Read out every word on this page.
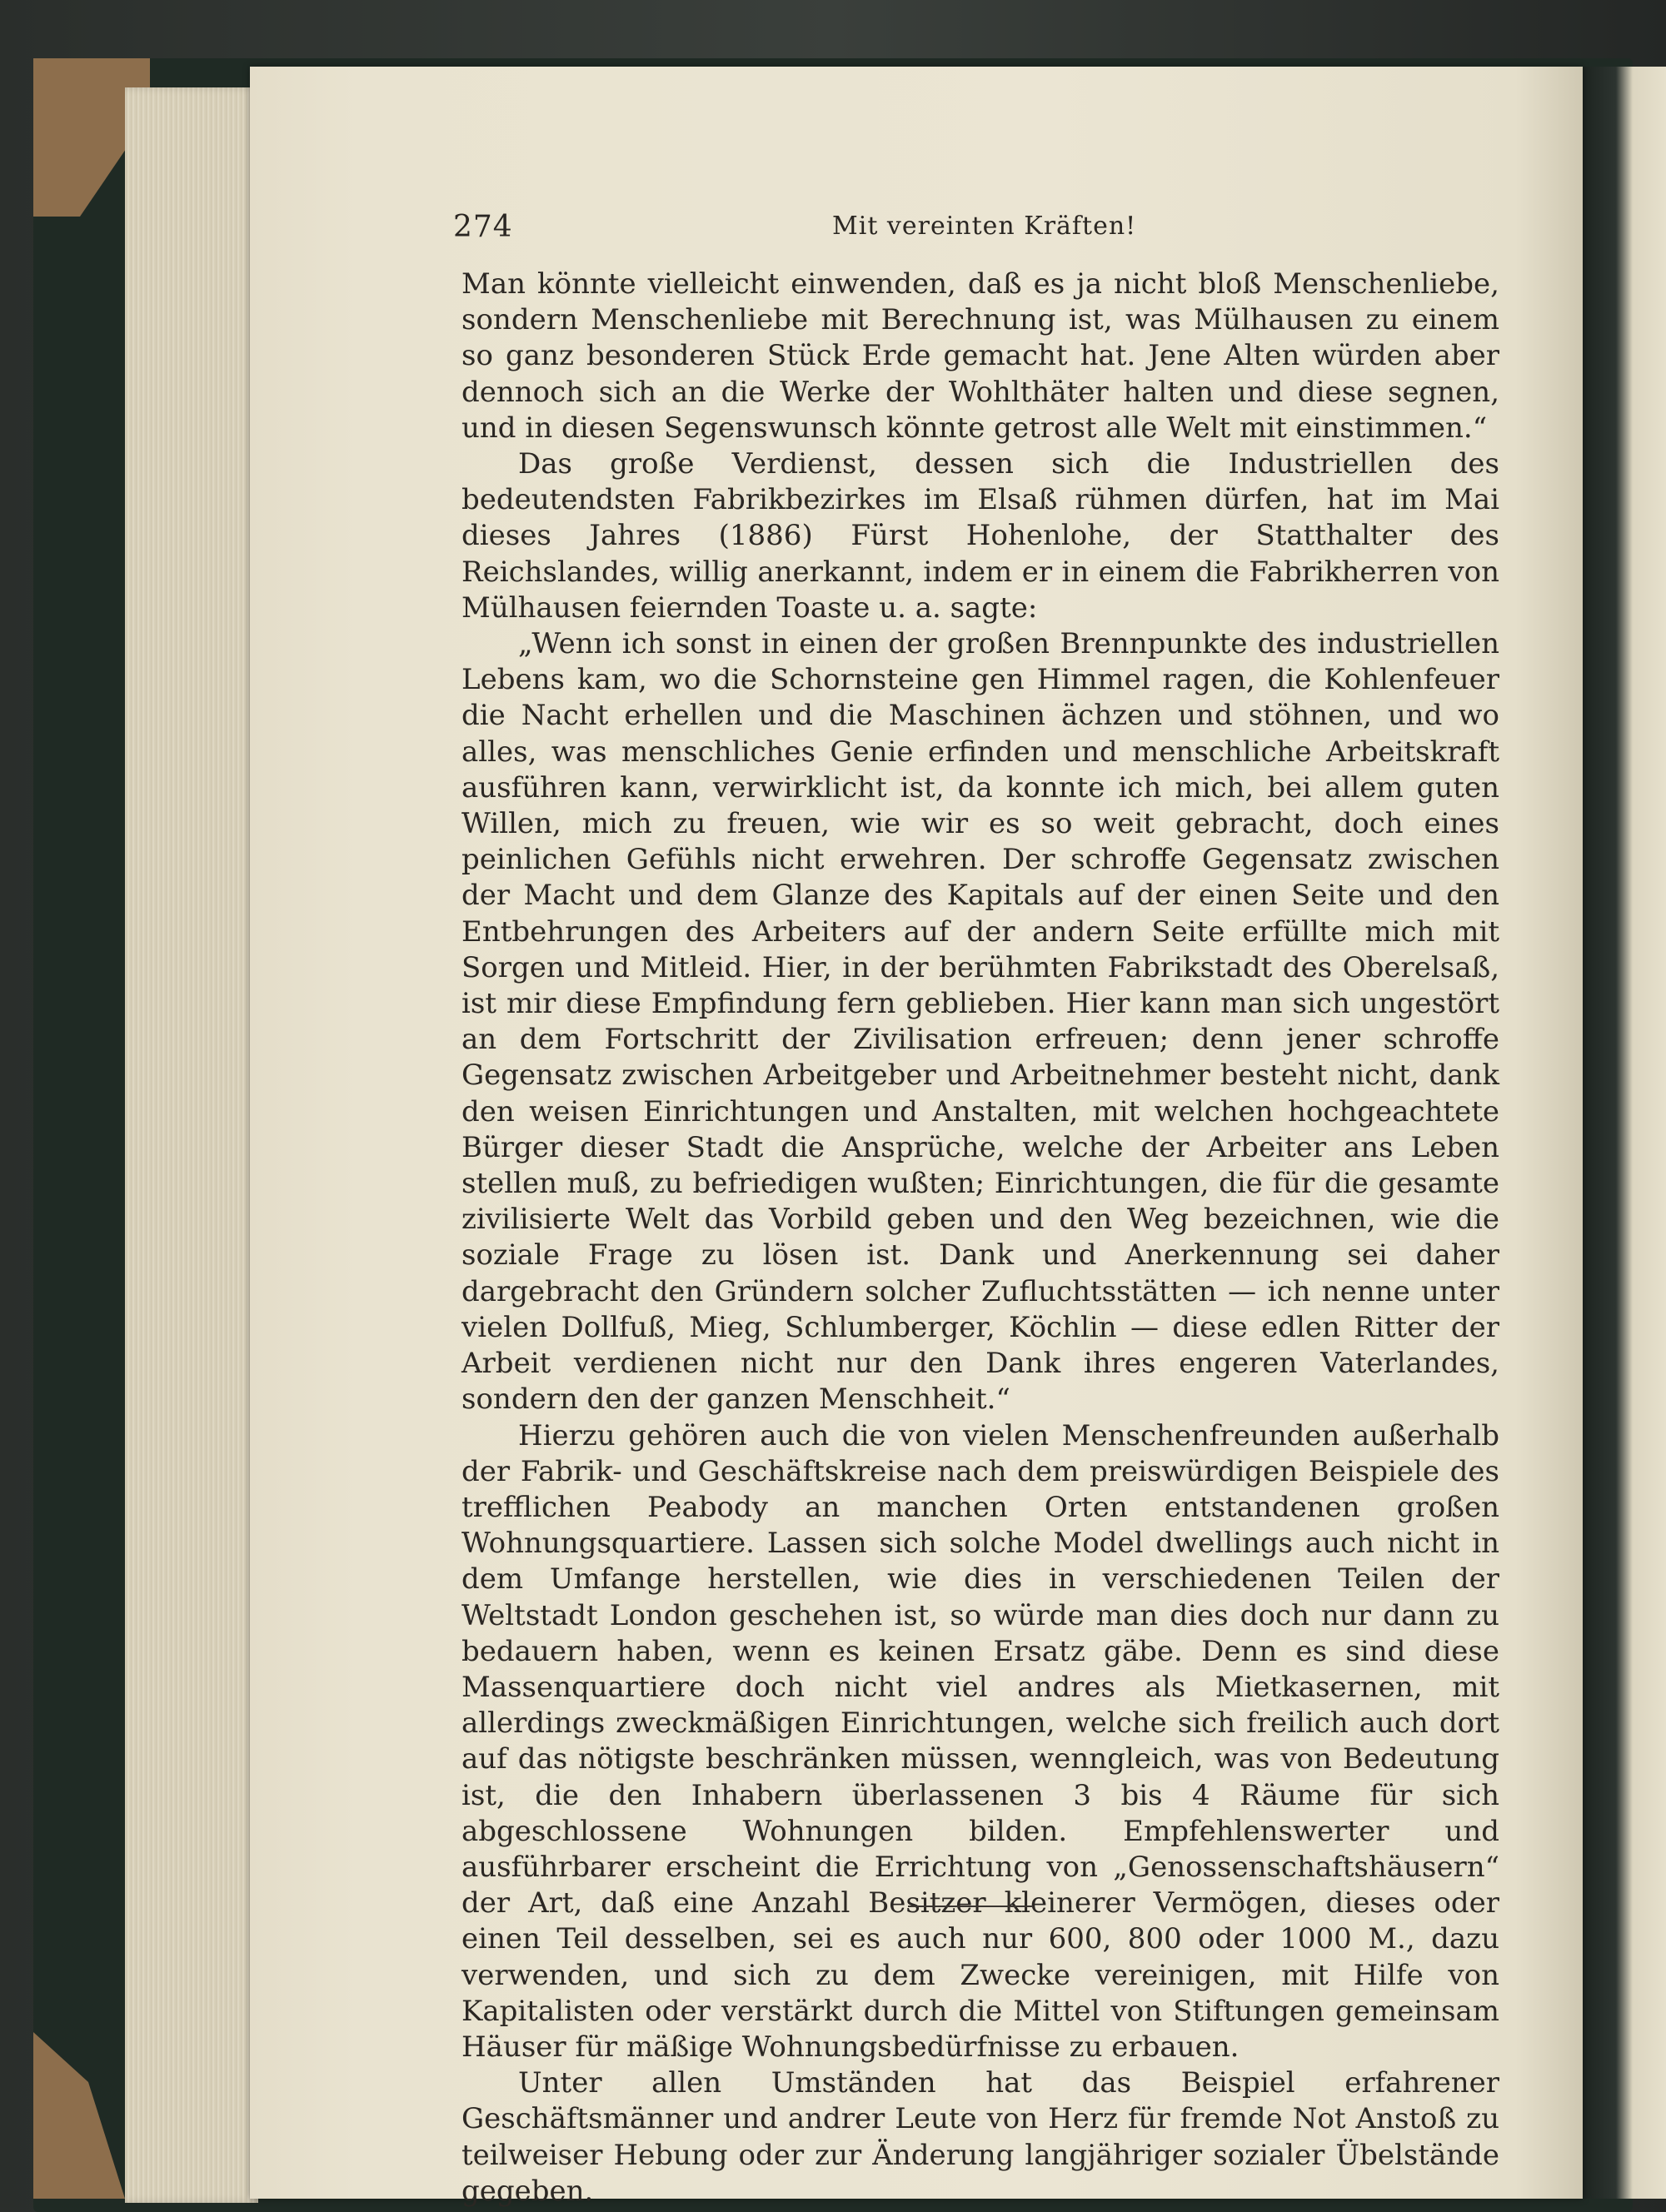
274	Mit vereinten Kräften!

Man könnte vielleicht einwenden, daß es ja nicht bloß Menschenliebe, sondern Menschenliebe mit Berechnung ist, was Mülhausen zu einem so ganz besonderen Stück Erde gemacht hat. Jene Alten würden aber dennoch sich an die Werke der Wohlthäter halten und diese segnen, und in diesen Segenswunsch könnte getrost alle Welt mit einstimmen.“

Das große Verdienst, dessen sich die Industriellen des bedeutendsten Fabrikbezirkes im Elsaß rühmen dürfen, hat im Mai dieses Jahres (1886) Fürst Hohenlohe, der Statthalter des Reichslandes, willig anerkannt, indem er in einem die Fabrikherren von Mülhausen feiernden Toaste u. a. sagte:

„Wenn ich sonst in einen der großen Brennpunkte des industriellen Lebens kam, wo die Schornsteine gen Himmel ragen, die Kohlenfeuer die Nacht erhellen und die Maschinen ächzen und stöhnen, und wo alles, was menschliches Genie erfinden und menschliche Arbeitskraft ausführen kann, verwirklicht ist, da konnte ich mich, bei allem guten Willen, mich zu freuen, wie wir es so weit gebracht, doch eines peinlichen Gefühls nicht erwehren. Der schroffe Gegensatz zwischen der Macht und dem Glanze des Kapitals auf der einen Seite und den Entbehrungen des Arbeiters auf der andern Seite erfüllte mich mit Sorgen und Mitleid. Hier, in der berühmten Fabrikstadt des Oberelsaß, ist mir diese Empfindung fern geblieben. Hier kann man sich ungestört an dem Fortschritt der Zivilisation erfreuen; denn jener schroffe Gegensatz zwischen Arbeitgeber und Arbeitnehmer besteht nicht, dank den weisen Einrichtungen und Anstalten, mit welchen hochgeachtete Bürger dieser Stadt die Ansprüche, welche der Arbeiter ans Leben stellen muß, zu befriedigen wußten; Einrichtungen, die für die gesamte zivilisierte Welt das Vorbild geben und den Weg bezeichnen, wie die soziale Frage zu lösen ist. Dank und Anerkennung sei daher dargebracht den Gründern solcher Zufluchtsstätten — ich nenne unter vielen Dollfuß, Mieg, Schlumberger, Köchlin — diese edlen Ritter der Arbeit verdienen nicht nur den Dank ihres engeren Vaterlandes, sondern den der ganzen Menschheit.“

Hierzu gehören auch die von vielen Menschenfreunden außerhalb der Fabrik- und Geschäftskreise nach dem preiswürdigen Beispiele des trefflichen Peabody an manchen Orten entstandenen großen Wohnungsquartiere. Lassen sich solche Model dwellings auch nicht in dem Umfange herstellen, wie dies in verschiedenen Teilen der Weltstadt London geschehen ist, so würde man dies doch nur dann zu bedauern haben, wenn es keinen Ersatz gäbe. Denn es sind diese Massenquartiere doch nicht viel andres als Mietkasernen, mit allerdings zweckmäßigen Einrichtungen, welche sich freilich auch dort auf das nötigste beschränken müssen, wenngleich, was von Bedeutung ist, die den Inhabern überlassenen 3 bis 4 Räume für sich abgeschlossene Wohnungen bilden. Empfehlenswerter und ausführbarer erscheint die Errichtung von „Genossenschaftshäusern“ der Art, daß eine Anzahl Besitzer kleinerer Vermögen, dieses oder einen Teil desselben, sei es auch nur 600, 800 oder 1000 M., dazu verwenden, und sich zu dem Zwecke vereinigen, mit Hilfe von Kapitalisten oder verstärkt durch die Mittel von Stiftungen gemeinsam Häuser für mäßige Wohnungsbedürfnisse zu erbauen.

Unter allen Umständen hat das Beispiel erfahrener Geschäftsmänner und andrer Leute von Herz für fremde Not Anstoß zu teilweiser Hebung oder zur Änderung langjähriger sozialer Übelstände gegeben.
